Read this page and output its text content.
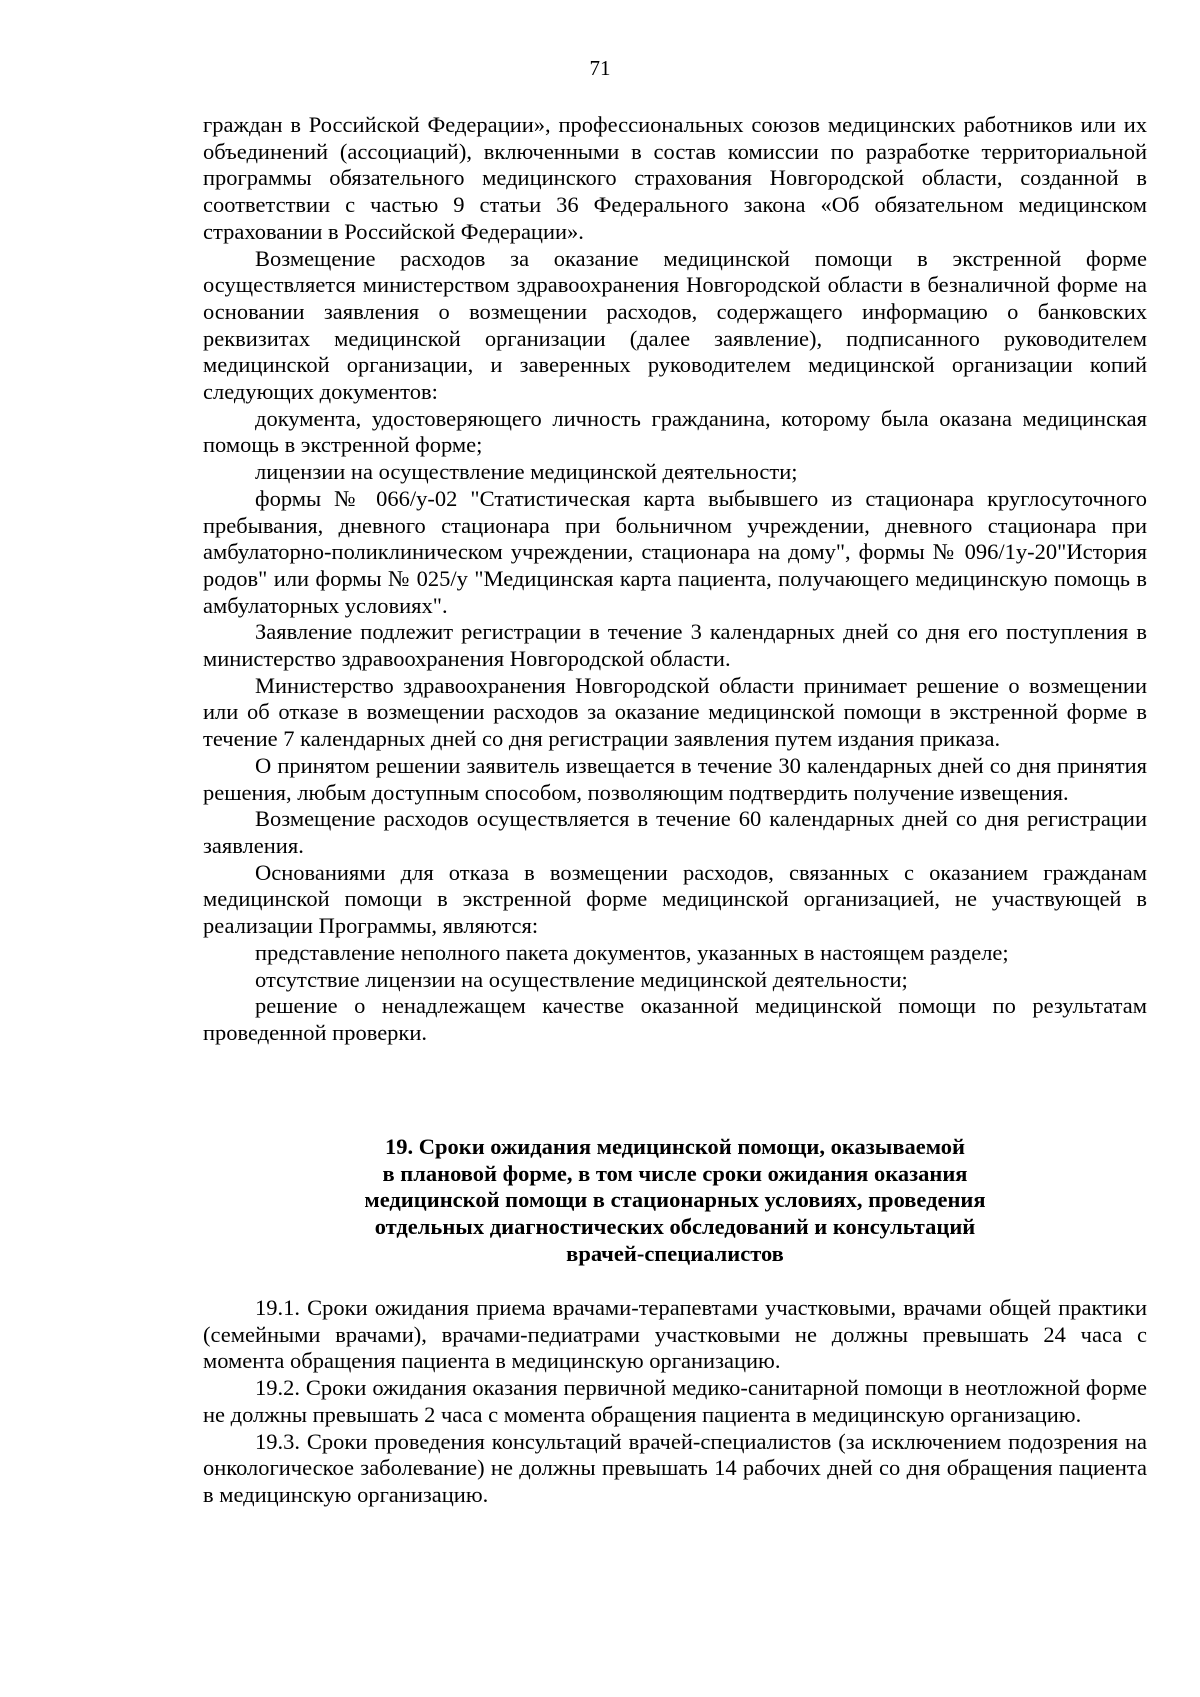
71

граждан в Российской Федерации», профессиональных союзов медицинских работников или их объединений (ассоциаций), включенными в состав комиссии по разработке территориальной программы обязательного медицинского страхования Новгородской области, созданной в соответствии с частью 9 статьи 36 Федерального закона «Об обязательном медицинском страховании в Российской Федерации».

Возмещение расходов за оказание медицинской помощи в экстренной форме осуществляется министерством здравоохранения Новгородской области в безналичной форме на основании заявления о возмещении расходов, содержащего информацию о банковских реквизитах медицинской организации (далее заявление), подписанного руководителем медицинской организации, и заверенных руководителем медицинской организации копий следующих документов:

документа, удостоверяющего личность гражданина, которому была оказана медицинская помощь в экстренной форме;

лицензии на осуществление медицинской деятельности;

формы № 066/у-02 "Статистическая карта выбывшего из стационара круглосуточного пребывания, дневного стационара при больничном учреждении, дневного стационара при амбулаторно-поликлиническом учреждении, стационара на дому", формы № 096/1у-20"История родов" или формы № 025/у "Медицинская карта пациента, получающего медицинскую помощь в амбулаторных условиях".

Заявление подлежит регистрации в течение 3 календарных дней со дня его поступления в министерство здравоохранения Новгородской области.

Министерство здравоохранения Новгородской области принимает решение о возмещении или об отказе в возмещении расходов за оказание медицинской помощи в экстренной форме в течение 7 календарных дней со дня регистрации заявления путем издания приказа.

О принятом решении заявитель извещается в течение 30 календарных дней со дня принятия решения, любым доступным способом, позволяющим подтвердить получение извещения.

Возмещение расходов осуществляется в течение 60 календарных дней со дня регистрации заявления.

Основаниями для отказа в возмещении расходов, связанных с оказанием гражданам медицинской помощи в экстренной форме медицинской организацией, не участвующей в реализации Программы, являются:

представление неполного пакета документов, указанных в настоящем разделе;

отсутствие лицензии на осуществление медицинской деятельности;

решение о ненадлежащем качестве оказанной медицинской помощи по результатам проведенной проверки.

19. Сроки ожидания медицинской помощи, оказываемой
в плановой форме, в том числе сроки ожидания оказания
медицинской помощи в стационарных условиях, проведения
отдельных диагностических обследований и консультаций
врачей-специалистов

19.1. Сроки ожидания приема врачами-терапевтами участковыми, врачами общей практики (семейными врачами), врачами-педиатрами участковыми не должны превышать 24 часа с момента обращения пациента в медицинскую организацию.

19.2. Сроки ожидания оказания первичной медико-санитарной помощи в неотложной форме не должны превышать 2 часа с момента обращения пациента в медицинскую организацию.

19.3. Сроки проведения консультаций врачей-специалистов (за исключением подозрения на онкологическое заболевание) не должны превышать 14 рабочих дней со дня обращения пациента в медицинскую организацию.
